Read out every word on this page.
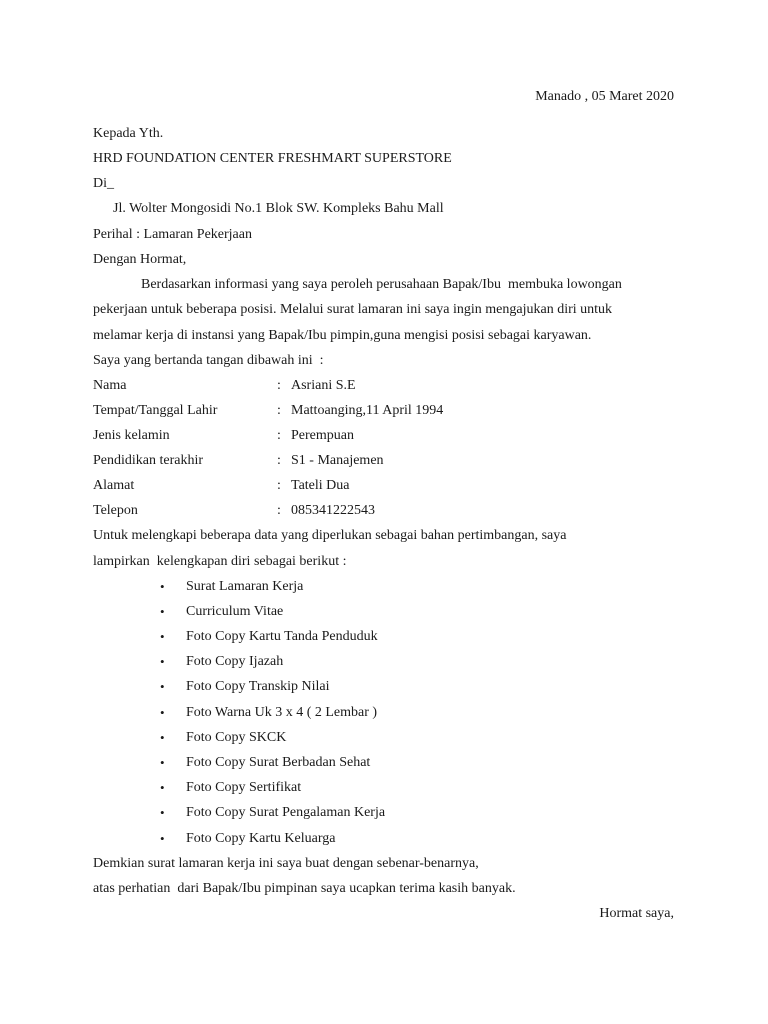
Manado , 05 Maret 2020
Kepada Yth.
HRD FOUNDATION CENTER FRESHMART SUPERSTORE
Di_
Jl. Wolter Mongosidi No.1 Blok SW. Kompleks Bahu Mall
Perihal : Lamaran Pekerjaan
Dengan Hormat,
Berdasarkan informasi yang saya peroleh perusahaan Bapak/Ibu  membuka lowongan
pekerjaan untuk beberapa posisi. Melalui surat lamaran ini saya ingin mengajukan diri untuk
melamar kerja di instansi yang Bapak/Ibu pimpin,guna mengisi posisi sebagai karyawan.
Saya yang bertanda tangan dibawah ini  :
Nama	: Asriani S.E
Tempat/Tanggal Lahir	: Mattoanging,11 April 1994
Jenis kelamin	: Perempuan
Pendidikan terakhir	: S1 - Manajemen
Alamat	: Tateli Dua
Telepon	: 085341222543
Untuk melengkapi beberapa data yang diperlukan sebagai bahan pertimbangan, saya
lampirkan  kelengkapan diri sebagai berikut :
• Surat Lamaran Kerja
• Curriculum Vitae
• Foto Copy Kartu Tanda Penduduk
• Foto Copy Ijazah
• Foto Copy Transkip Nilai
• Foto Warna Uk 3 x 4 ( 2 Lembar )
• Foto Copy SKCK
• Foto Copy Surat Berbadan Sehat
• Foto Copy Sertifikat
• Foto Copy Surat Pengalaman Kerja
• Foto Copy Kartu Keluarga
Demkian surat lamaran kerja ini saya buat dengan sebenar-benarnya,
atas perhatian  dari Bapak/Ibu pimpinan saya ucapkan terima kasih banyak.
Hormat saya,
